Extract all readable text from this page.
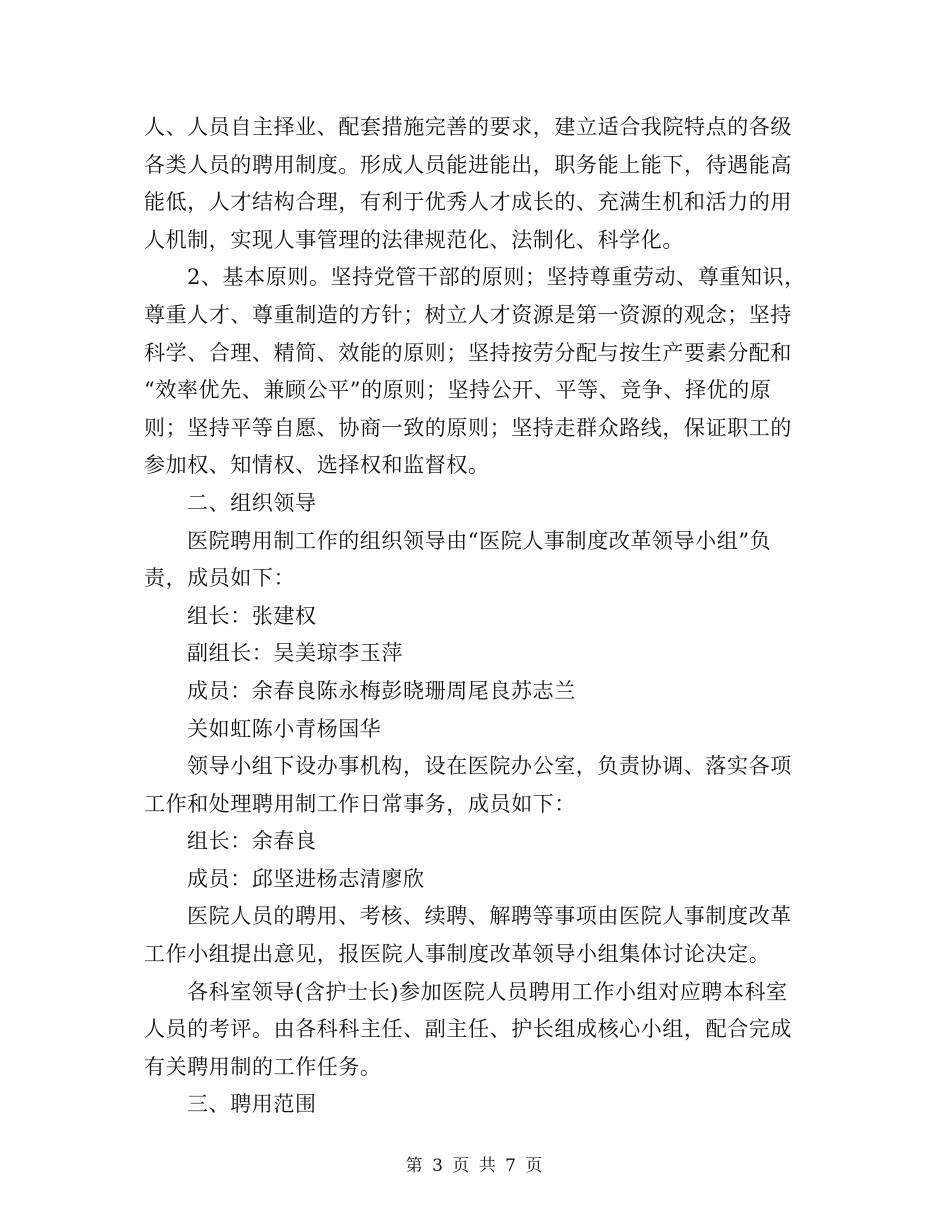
人、人员自主择业、配套措施完善的要求，建立适合我院特点的各级
各类人员的聘用制度。形成人员能进能出，职务能上能下，待遇能高
能低，人才结构合理，有利于优秀人才成长的、充满生机和活力的用
人机制，实现人事管理的法律规范化、法制化、科学化。
2、基本原则。坚持党管干部的原则；坚持尊重劳动、尊重知识，
尊重人才、尊重制造的方针；树立人才资源是第一资源的观念；坚持
科学、合理、精简、效能的原则；坚持按劳分配与按生产要素分配和
“效率优先、兼顾公平”的原则；坚持公开、平等、竞争、择优的原
则；坚持平等自愿、协商一致的原则；坚持走群众路线，保证职工的
参加权、知情权、选择权和监督权。
二、组织领导
医院聘用制工作的组织领导由“医院人事制度改革领导小组”负
责，成员如下：
组长：张建权
副组长：吴美琼李玉萍
成员：余春良陈永梅彭晓珊周尾良苏志兰
关如虹陈小青杨国华
领导小组下设办事机构，设在医院办公室，负责协调、落实各项
工作和处理聘用制工作日常事务，成员如下：
组长：余春良
成员：邱坚进杨志清廖欣
医院人员的聘用、考核、续聘、解聘等事项由医院人事制度改革
工作小组提出意见，报医院人事制度改革领导小组集体讨论决定。
各科室领导(含护士长)参加医院人员聘用工作小组对应聘本科室
人员的考评。由各科科主任、副主任、护长组成核心小组，配合完成
有关聘用制的工作任务。
三、聘用范围
第 3 页 共 7 页
